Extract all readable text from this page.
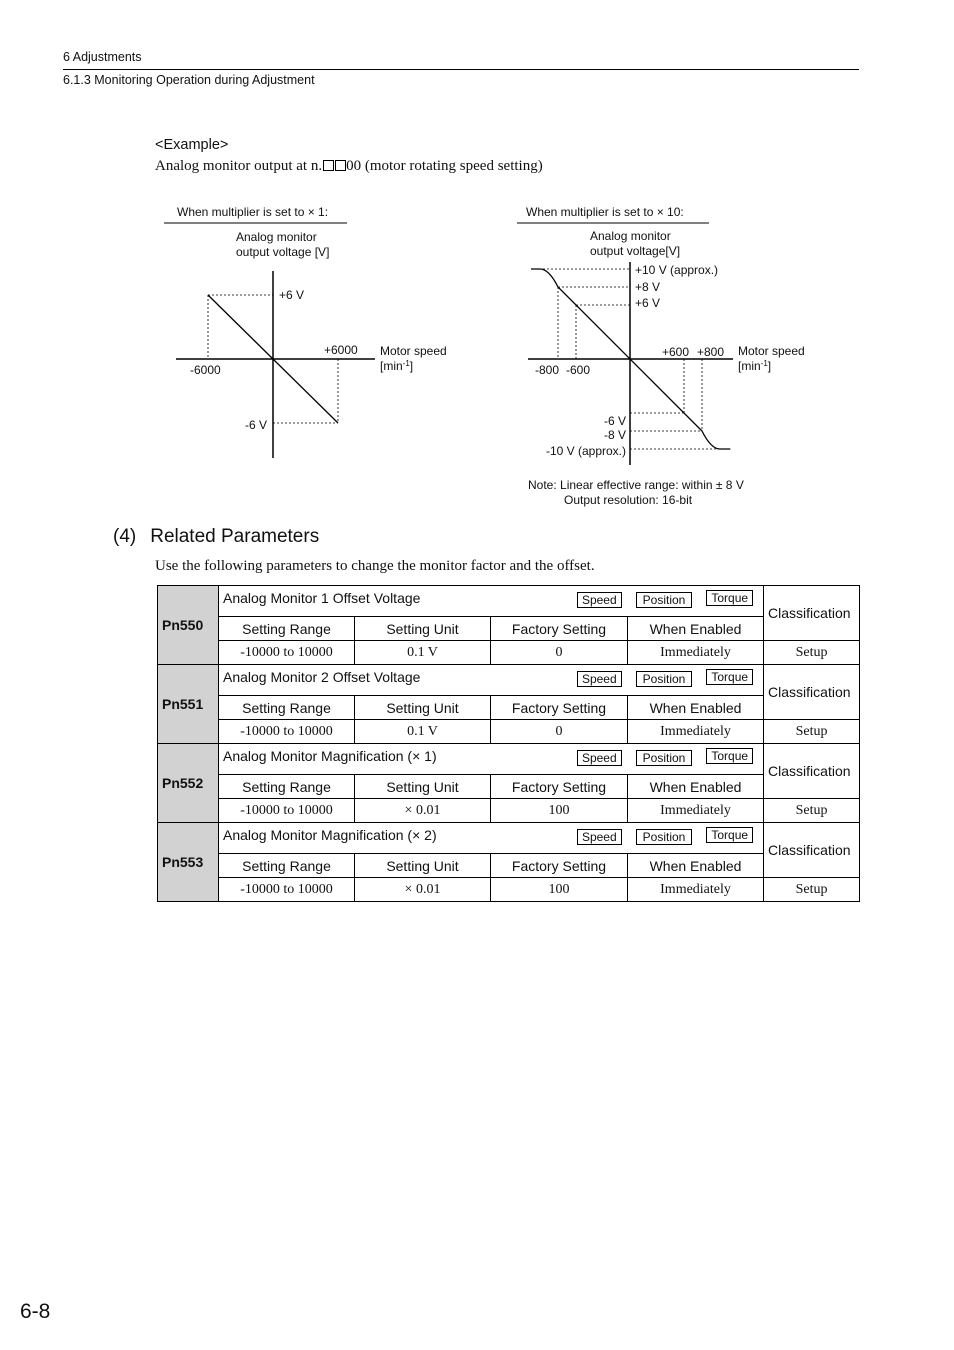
6 Adjustments
6.1.3 Monitoring Operation during Adjustment
<Example>
Analog monitor output at n. 00 (motor rotating speed setting)
When multiplier is set to × 1:
Analog monitor
output voltage [V]
-6000
+6000
+6 V
-6 V
Motor speed
$[\min^{-1}]$
When multiplier is set to × 10:
Analog monitor
output voltage[V]
-800 -600
+600 +800
+10 V (approx.)
+8 V
+6 V
-6 V
-8 V
-10 V (approx.)
Motor speed
$[\min^{-1}]$
Note: Linear effective range: within ± 8 V
Output resolution: 16-bit
(4) Related Parameters
Use the following parameters to change the monitor factor and the offset.
Pn550	Analog Monitor 1 Offset Voltage Speed Position Torque				Classification
	Setting Range	Setting Unit	Factory Setting	When Enabled	
	-10000 to 10000	0.1 V	0	Immediately	Setup
Pn551	Analog Monitor 2 Offset Voltage Speed Position Torque				Classification
	Setting Range	Setting Unit	Factory Setting	When Enabled	
	-10000 to 10000	0.1 V	0	Immediately	Setup
Pn552	Analog Monitor Magnification (× 1) Speed Position Torque				Classification
	Setting Range	Setting Unit	Factory Setting	When Enabled	
	-10000 to 10000	× 0.01	100	Immediately	Setup
Pn553	Analog Monitor Magnification (× 2) Speed Position Torque				Classification
	Setting Range	Setting Unit	Factory Setting	When Enabled	
	-10000 to 10000	× 0.01	100	Immediately	Setup
6-8
